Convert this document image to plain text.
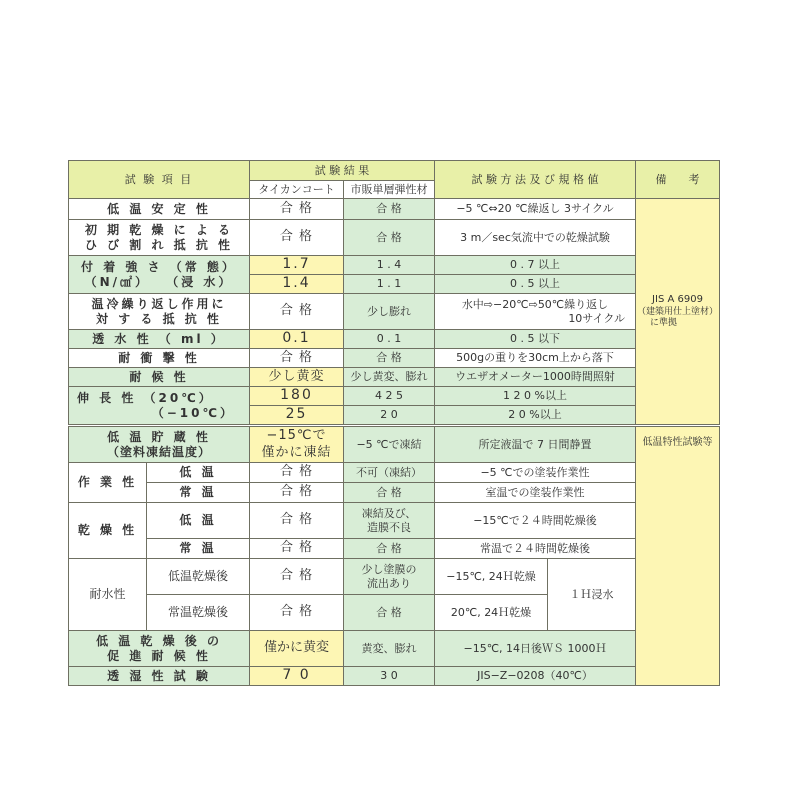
試 験 項 目	試 験 結 果		試 験 方 法 及 び 規 格 値	備　　考
	タイカンコート	市販単層弾性材		
低 温 安 定 性	合 格	合 格	−5 ℃⇔20 ℃繰返し 3サイクル	JIS A 6909
（建築用仕上塗材）
に準拠

初 期 乾 燥 に よ る
ひ び 割 れ 抵 抗 性	合 格	合 格	3 m／sec気流中での乾燥試験	

付 着 強 さ （常 態）
（N/㎠）　 （浸 水）	1.7	1 . 4	0 . 7 以上	
	1.4	1 . 1	0 . 5 以上	

温冷繰り返し作用に
対 す る 抵 抗 性	合 格	少し膨れ	水中⇨−20℃⇨50℃繰り返し
10サイクル	

透 水 性 （ ml ）	0.1	0 . 1	0 . 5 以下	
耐 衝 撃 性	合 格	合 格	500gの重りを30cm上から落下	
耐 候 性	少し黄変	少し黄変、膨れ	ウエザオメーター1000時間照射	

伸 長 性 （20℃）
（−10℃）	180	4 2 5	1 2 0 %以上	
	25	2 0	2 0 %以上	
低 温 貯 蔵 性
（塗料凍結温度）		−15℃で
僅かに凍結	−5 ℃で凍結	所定液温で 7 日間静置		低温特性試験等
作 業 性	低 温	合 格	不可（凍結）	−5 ℃での塗装作業性		
	常 温	合 格	合 格	室温での塗装作業性		
乾 燥 性	低 温	合 格	凍結及び、
造膜不良	−15℃で２４時間乾燥後		
	常 温	合 格	合 格	常温で２４時間乾燥後		
耐水性	低温乾燥後	合 格	少し塗膜の
流出あり	−15℃, 24Ｈ乾燥	１Ｈ浸水	
	常温乾燥後	合 格	合 格	20℃, 24Ｈ乾燥		

低 温 乾 燥 後 の
促 進 耐 候 性		僅かに黄変	黄変、膨れ	−15℃, 14日後ＷＳ 1000Ｈ		
透 湿 性 試 験		7 0	3 0	JIS−Z−0208（40℃）		
